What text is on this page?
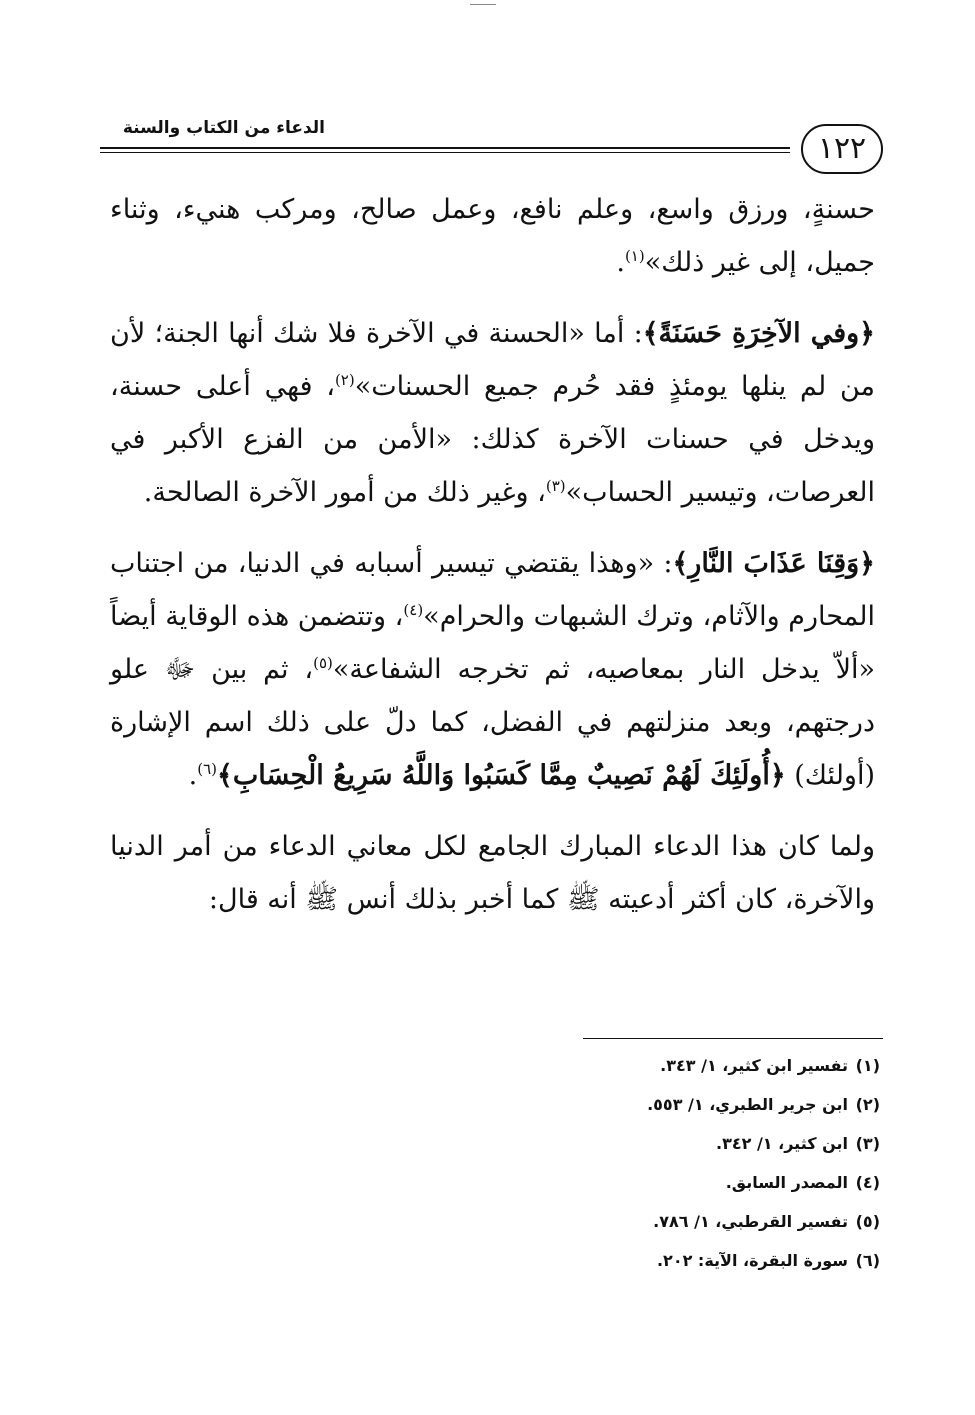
الدعاء من الكتاب والسنة
١٢٢

حسنةٍ، ورزق واسع، وعلم نافع، وعمل صالح، ومركب هنيء، وثناء جميل، إلى غير ذلك»$^{(١)}$.

﴿وفي الآخِرَةِ حَسَنَةً﴾: أما «الحسنة في الآخرة فلا شك أنها الجنة؛ لأن من لم ينلها يومئذٍ فقد حُرم جميع الحسنات»$^{(٢)}$، فهي أعلى حسنة، ويدخل في حسنات الآخرة كذلك: «الأمن من الفزع الأكبر في العرصات، وتيسير الحساب»$^{(٣)}$، وغير ذلك من أمور الآخرة الصالحة.

﴿وَقِنَا عَذَابَ النَّارِ﴾: «وهذا يقتضي تيسير أسبابه في الدنيا، من اجتناب المحارم والآثام، وترك الشبهات والحرام»$^{(٤)}$، وتتضمن هذه الوقاية أيضاً «ألاّ يدخل النار بمعاصيه، ثم تخرجه الشفاعة»$^{(٥)}$، ثم بين ﷻ علو درجتهم، وبعد منزلتهم في الفضل، كما دلّ على ذلك اسم الإشارة (أولئك) ﴿أُولَئِكَ لَهُمْ نَصِيبٌ مِمَّا كَسَبُوا وَاللَّهُ سَرِيعُ الْحِسَابِ﴾$^{(٦)}$.

ولما كان هذا الدعاء المبارك الجامع لكل معاني الدعاء من أمر الدنيا والآخرة، كان أكثر أدعيته ﷺ كما أخبر بذلك أنس ﷺ أنه قال:

(١)تفسير ابن كثير، ١/ ٣٤٣.
(٢)ابن جرير الطبري، ١/ ٥٥٣.
(٣)ابن كثير، ١/ ٣٤٢.
(٤)المصدر السابق.
(٥)تفسير القرطبي، ١/ ٧٨٦.
(٦)سورة البقرة، الآية: ٢٠٢.
